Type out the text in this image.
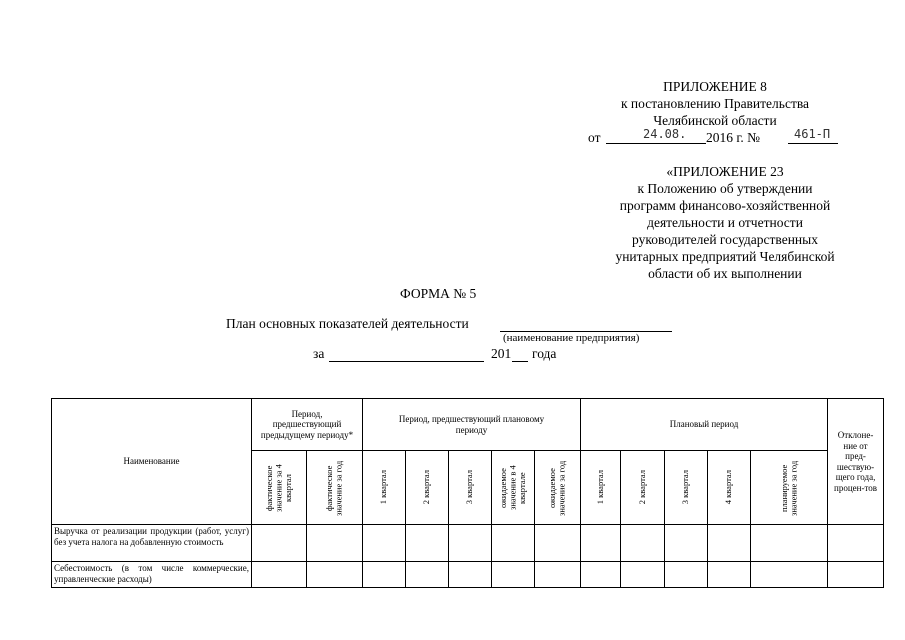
ПРИЛОЖЕНИЕ 8
к постановлению Правительства
Челябинской области
от	24.08. 2016 г. №	461-П
«ПРИЛОЖЕНИЕ 23
к Положению об утверждении
программ финансово-хозяйственной
деятельности и отчетности
руководителей государственных
унитарных предприятий Челябинской
области об их выполнении
ФОРМА № 5
План основных показателей деятельности
(наименование предприятия)
за	201 года
Наименование	Период, предшествующий предыдущему периоду*		Период, предшествующий плановому периоду					Плановый период					Отклоне-ние от пред-шествую-щего года, процен-тов

	фактическое значение за 4 квартал	фактическое значение за год	1 квартал	2 квартал	3 квартал	ожидаемое значение в 4 квартале	ожидаемое значение за год	1 квартал	2 квартал	3 квартал	4 квартал	планируемое значение за год	

Выручка от реализации продукции (работ, услуг) без учета налога на добавленную стоимость													
Себестоимость (в том числе коммерческие, управленческие расходы)													
